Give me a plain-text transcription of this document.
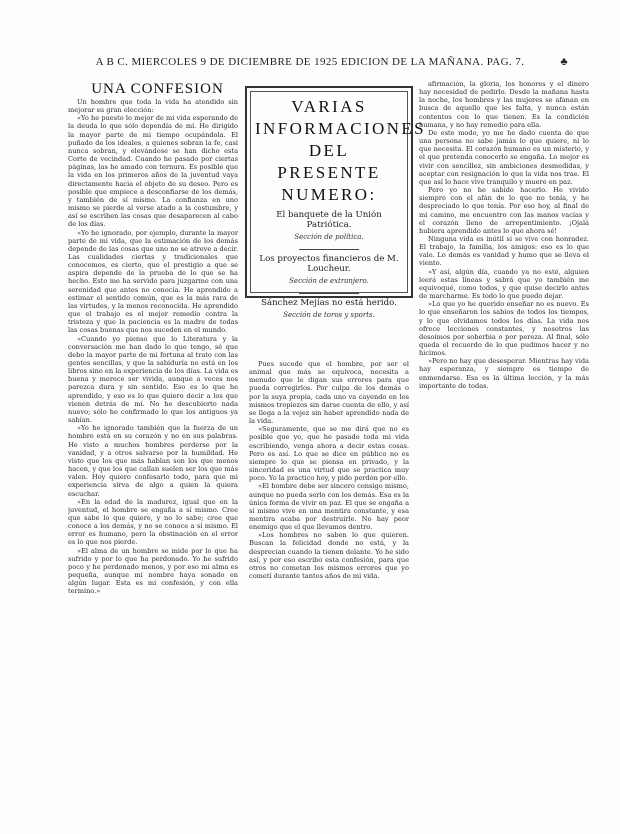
A B C. MIERCOLES 9 DE DICIEMBRE DE 1925 EDICION DE LA MAÑANA. PAG. 7.	♣

UNA CONFESION

Un hombre que toda la vida ha atendido sin mejorar su gran elección:

«Yo he puesto lo mejor de mi vida esperando de la deuda lo que sólo dependía de mí. He dirigido la mayor parte de mi tiempo ocupándola. El puñado de los ideales, a quienes sobran la fe, casi nunca sobran, y elevándose se han dicho esta Corte de vecindad. Cuando he pasado por ciertas páginas, las he amado con ternura. Es posible que la vida en los primeros años de la juventud vaya directamente hacia el objeto de su deseo. Pero es posible que empiece a desconfiarse de los demás, y también de sí mismo. La confianza en uno mismo se pierde al verse atado a la costumbre, y así se escriben las cosas que desaparecen al cabo de los días.

»Yo he ignorado, por ejemplo, durante la mayor parte de mi vida, que la estimación de los demás depende de las cosas que uno no se atreve a decir. Las cualidades ciertas y tradicionales que conocemos, es cierto, que el prestigio a que se aspira depende de la prueba de lo que se ha hecho. Esto me ha servido para juzgarme con una serenidad que antes no conocía. He aprendido a estimar el sentido común, que es la más rara de las virtudes, y la menos reconocida. He aprendido que el trabajo es el mejor remedio contra la tristeza y que la paciencia es la madre de todas las cosas buenas que nos suceden en el mundo.

»Cuando yo pienso que lo Literatura y la conversación me han dado lo que tengo, sé que debo la mayor parte de mi fortuna al trato con las gentes sencillas, y que la sabiduría no está en los libros sino en la experiencia de los días. La vida es buena y merece ser vivida, aunque a veces nos parezca dura y sin sentido. Eso es lo que he aprendido, y eso es lo que quiero decir a los que vienen detrás de mí. No he descubierto nada nuevo; sólo he confirmado lo que los antiguos ya sabían.

»Yo he ignorado también que la fuerza de un hombre está en su corazón y no en sus palabras. He visto a muchos hombres perderse por la vanidad, y a otros salvarse por la humildad. He visto que los que más hablan son los que menos hacen, y que los que callan suelen ser los que más valen. Hoy quiero confesarlo todo, para que mi experiencia sirva de algo a quien la quiera escuchar.

»En la edad de la madurez, igual que en la juventud, el hombre se engaña a sí mismo. Cree que sabe lo que quiere, y no lo sabe; cree que conoce a los demás, y no se conoce a sí mismo. El error es humano, pero la obstinación en el error es lo que nos pierde.

»El alma de un hombre se mide por lo que ha sufrido y por lo que ha perdonado. Yo he sufrido poco y he perdonado menos, y por eso mi alma es pequeña, aunque mi nombre haya sonado en algún lugar. Esta es mi confesión, y con ella termino.»

VARIAS INFORMACIONES DEL PRESENTE NUMERO:

El banquete de la Unión Patriótica.

Sección de política.

Los proyectos financieros de M. Loucheur.

Sección de extranjero.

Sánchez Mejías no está herido.

Sección de toros y sports.

Pues sucede que el hombre, por ser el animal que más se equivoca, necesita a menudo que le digan sus errores para que pueda corregirlos. Por culpa de los demás o por la suya propia, cada uno va cayendo en los mismos tropiezos sin darse cuenta de ello, y así se llega a la vejez sin haber aprendido nada de la vida.

»Seguramente, que se me dirá que no es posible que yo, que he pasado toda mi vida escribiendo, venga ahora a decir estas cosas. Pero es así. Lo que se dice en público no es siempre lo que se piensa en privado, y la sinceridad es una virtud que se practica muy poco. Yo la practico hoy, y pido perdón por ello.

»El hombre debe ser sincero consigo mismo, aunque no pueda serlo con los demás. Esa es la única forma de vivir en paz. El que se engaña a sí mismo vive en una mentira constante, y esa mentira acaba por destruirle. No hay peor enemigo que el que llevamos dentro.

»Los hombres no saben lo que quieren. Buscan la felicidad donde no está, y la desprecian cuando la tienen delante. Yo he sido así, y por eso escribo esta confesión, para que otros no cometan los mismos errores que yo cometí durante tantos años de mi vida.

afirmación, la gloria, los honores y el dinero hay necesidad de pedirlo. Desde la mañana hasta la noche, los hombres y las mujeres se afanan en busca de aquello que les falta, y nunca están contentos con lo que tienen. Es la condición humana, y no hay remedio para ella.

De este modo, yo me he dado cuenta de que una persona no sabe jamás lo que quiere, ni lo que necesita. El corazón humano es un misterio, y el que pretenda conocerlo se engaña. Lo mejor es vivir con sencillez, sin ambiciones desmedidas, y aceptar con resignación lo que la vida nos trae. El que así lo hace vive tranquilo y muere en paz.

Pero yo no he sabido hacerlo. He vivido siempre con el afán de lo que no tenía, y he despreciado lo que tenía. Por eso hoy, al final de mi camino, me encuentro con las manos vacías y el corazón lleno de arrepentimiento. ¡Ojalá hubiera aprendido antes lo que ahora sé!

Ninguna vida es inútil si se vive con honradez. El trabajo, la familia, los amigos: eso es lo que vale. Lo demás es vanidad y humo que se lleva el viento.

»Y así, algún día, cuando ya no esté, alguien leerá estas líneas y sabrá que yo también me equivoqué, como todos, y que quise decirlo antes de marcharme. Es todo lo que puedo dejar.

»Lo que yo he querido enseñar no es nuevo. Es lo que enseñaron los sabios de todos los tiempos, y lo que olvidamos todos los días. La vida nos ofrece lecciones constantes, y nosotros las desoímos por soberbia o por pereza. Al final, sólo queda el recuerdo de lo que pudimos hacer y no hicimos.

»Pero no hay que desesperar. Mientras hay vida hay esperanza, y siempre es tiempo de enmendarse. Esa es la última lección, y la más importante de todas.
